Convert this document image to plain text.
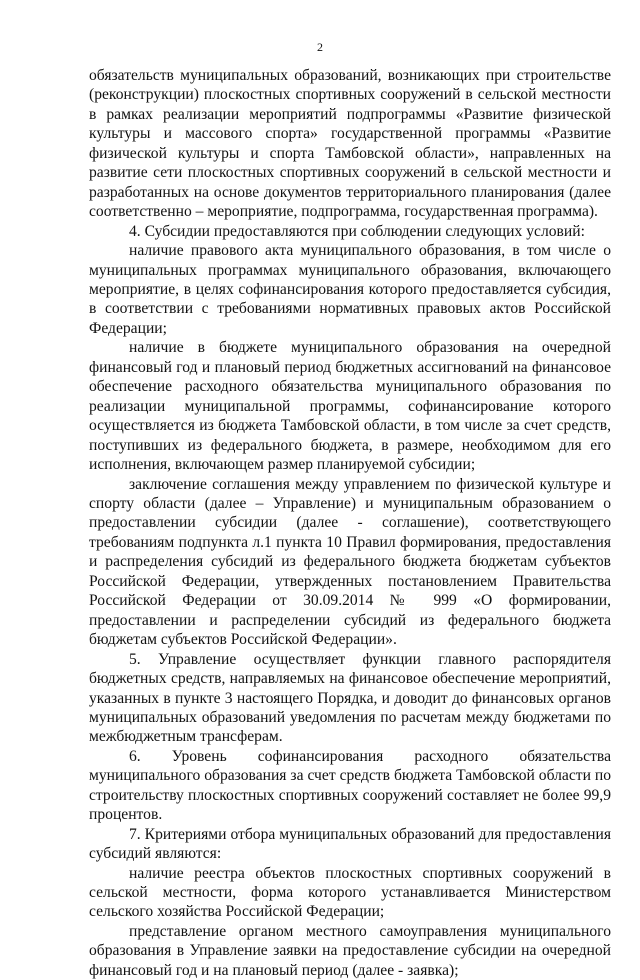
2

обязательств муниципальных образований, возникающих при строительстве (реконструкции) плоскостных спортивных сооружений в сельской местности в рамках реализации мероприятий подпрограммы «Развитие физической культуры и массового спорта» государственной программы «Развитие физической культуры и спорта Тамбовской области», направленных на развитие сети плоскостных спортивных сооружений в сельской местности и разработанных на основе документов территориального планирования (далее соответственно – мероприятие, подпрограмма, государственная программа).

4. Субсидии предоставляются при соблюдении следующих условий:

наличие правового акта муниципального образования, в том числе о муниципальных программах муниципального образования, включающего мероприятие, в целях софинансирования которого предоставляется субсидия, в соответствии с требованиями нормативных правовых актов Российской Федерации;

наличие в бюджете муниципального образования на очередной финансовый год и плановый период бюджетных ассигнований на финансовое обеспечение расходного обязательства муниципального образования по реализации муниципальной программы, софинансирование которого осуществляется из бюджета Тамбовской области, в том числе за счет средств, поступивших из федерального бюджета, в размере, необходимом для его исполнения, включающем размер планируемой субсидии;

заключение соглашения между управлением по физической культуре и спорту области (далее – Управление) и муниципальным образованием о предоставлении субсидии (далее - соглашение), соответствующего требованиям подпункта л.1 пункта 10 Правил формирования, предоставления и распределения субсидий из федерального бюджета бюджетам субъектов Российской Федерации, утвержденных постановлением Правительства Российской Федерации от 30.09.2014 № 999 «О формировании, предоставлении и распределении субсидий из федерального бюджета бюджетам субъектов Российской Федерации».

5. Управление осуществляет функции главного распорядителя бюджетных средств, направляемых на финансовое обеспечение мероприятий, указанных в пункте 3 настоящего Порядка, и доводит до финансовых органов муниципальных образований уведомления по расчетам между бюджетами по межбюджетным трансферам.

6. Уровень софинансирования расходного обязательства муниципального образования за счет средств бюджета Тамбовской области по строительству плоскостных спортивных сооружений составляет не более 99,9 процентов.

7. Критериями отбора муниципальных образований для предоставления субсидий являются:

наличие реестра объектов плоскостных спортивных сооружений в сельской местности, форма которого устанавливается Министерством сельского хозяйства Российской Федерации;

представление органом местного самоуправления муниципального образования в Управление заявки на предоставление субсидии на очередной финансовый год и на плановый период (далее - заявка);
